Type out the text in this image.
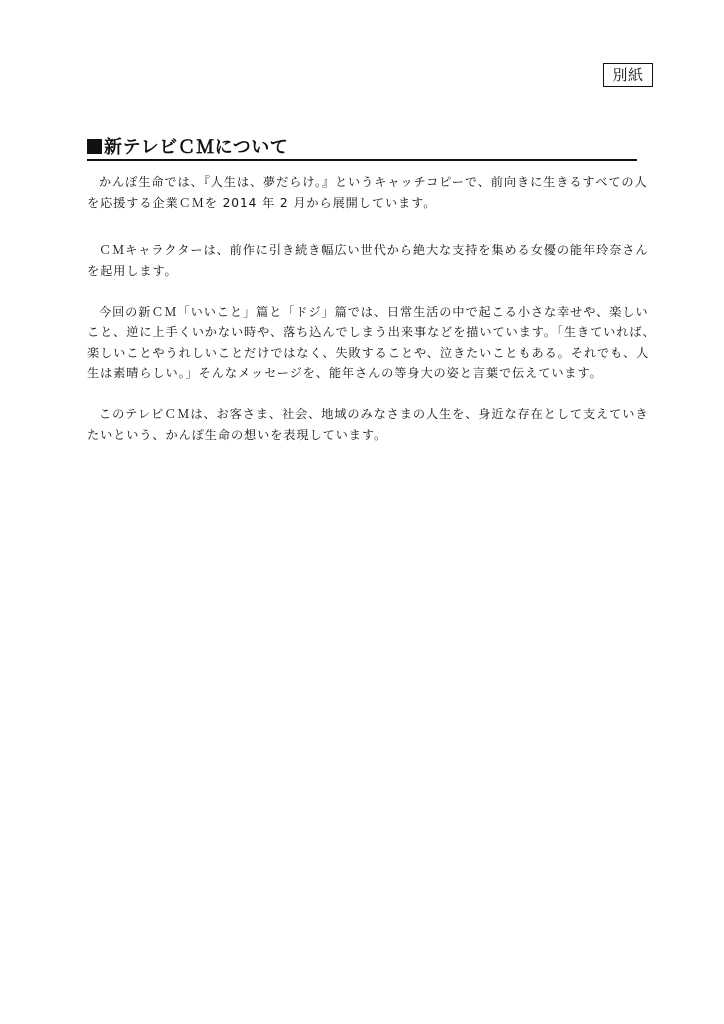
別紙
新テレビＣＭについて
かんぽ生命では、『人生は、夢だらけ。』というキャッチコピーで、前向きに生きるすべての人
を応援する企業ＣＭを 2014 年 2 月から展開しています。
ＣＭキャラクターは、前作に引き続き幅広い世代から絶大な支持を集める女優の能年玲奈さん
を起用します。
今回の新ＣＭ「いいこと」篇と「ドジ」篇では、日常生活の中で起こる小さな幸せや、楽しい
こと、逆に上手くいかない時や、落ち込んでしまう出来事などを描いています。「生きていれば、
楽しいことやうれしいことだけではなく、失敗することや、泣きたいこともある。それでも、人
生は素晴らしい。」そんなメッセージを、能年さんの等身大の姿と言葉で伝えています。
このテレビＣＭは、お客さま、社会、地域のみなさまの人生を、身近な存在として支えていき
たいという、かんぽ生命の想いを表現しています。
